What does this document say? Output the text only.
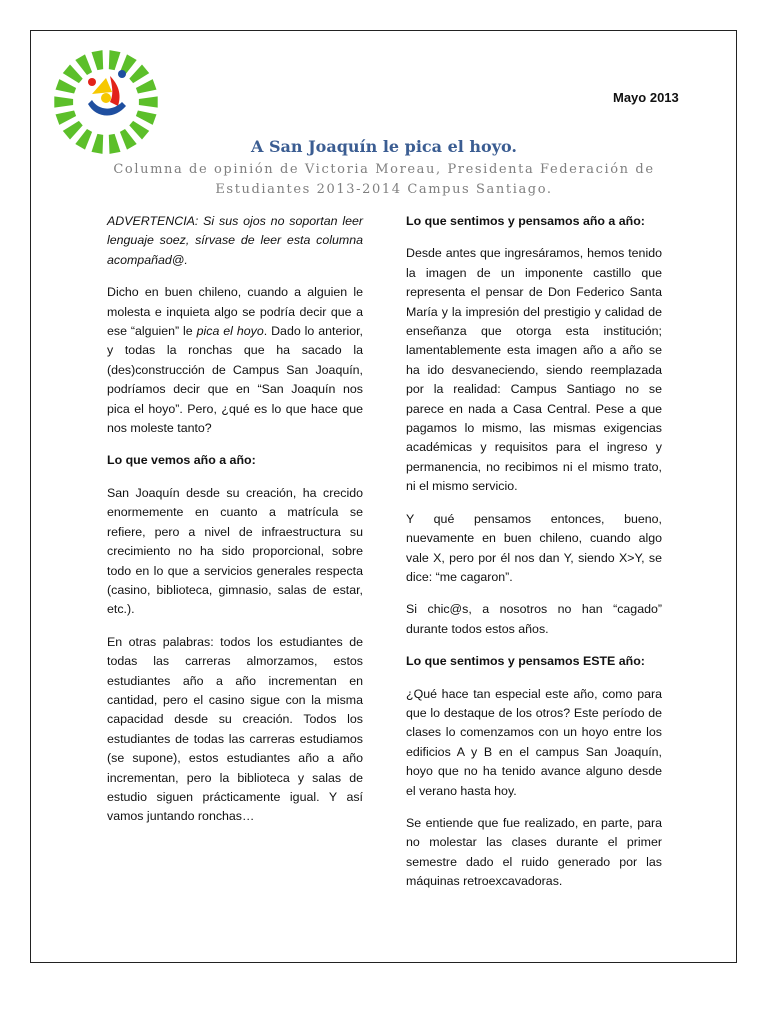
Mayo 2013
A San Joaquín le pica el hoyo.
Columna de opinión de Victoria Moreau, Presidenta Federación de Estudiantes 2013-2014 Campus Santiago.

ADVERTENCIA: Si sus ojos no soportan leer lenguaje soez, sírvase de leer esta columna acompañad@.

Dicho en buen chileno, cuando a alguien le molesta e inquieta algo se podría decir que a ese “alguien” le pica el hoyo. Dado lo anterior, y todas la ronchas que ha sacado la (des)construcción de Campus San Joaquín, podríamos decir que en “San Joaquín nos pica el hoyo”. Pero, ¿qué es lo que hace que nos moleste tanto?

Lo que vemos año a año:

San Joaquín desde su creación, ha crecido enormemente en cuanto a matrícula se refiere, pero a nivel de infraestructura su crecimiento no ha sido proporcional, sobre todo en lo que a servicios generales respecta (casino, biblioteca, gimnasio, salas de estar, etc.).

En otras palabras: todos los estudiantes de todas las carreras almorzamos, estos estudiantes año a año incrementan en cantidad, pero el casino sigue con la misma capacidad desde su creación. Todos los estudiantes de todas las carreras estudiamos (se supone), estos estudiantes año a año incrementan, pero la biblioteca y salas de estudio siguen prácticamente igual. Y así vamos juntando ronchas…

Lo que sentimos y pensamos año a año:

Desde antes que ingresáramos, hemos tenido la imagen de un imponente castillo que representa el pensar de Don Federico Santa María y la impresión del prestigio y calidad de enseñanza que otorga esta institución; lamentablemente esta imagen año a año se ha ido desvaneciendo, siendo reemplazada por la realidad: Campus Santiago no se parece en nada a Casa Central. Pese a que pagamos lo mismo, las mismas exigencias académicas y requisitos para el ingreso y permanencia, no recibimos ni el mismo trato, ni el mismo servicio.

Y qué pensamos entonces, bueno, nuevamente en buen chileno, cuando algo vale X, pero por él nos dan Y, siendo X>Y, se dice: “me cagaron”.

Si chic@s, a nosotros no han “cagado” durante todos estos años.

Lo que sentimos y pensamos ESTE año:

¿Qué hace tan especial este año, como para que lo destaque de los otros? Este período de clases lo comenzamos con un hoyo entre los edificios A y B en el campus San Joaquín, hoyo que no ha tenido avance alguno desde el verano hasta hoy.

Se entiende que fue realizado, en parte, para no molestar las clases durante el primer semestre dado el ruido generado por las máquinas retroexcavadoras.
